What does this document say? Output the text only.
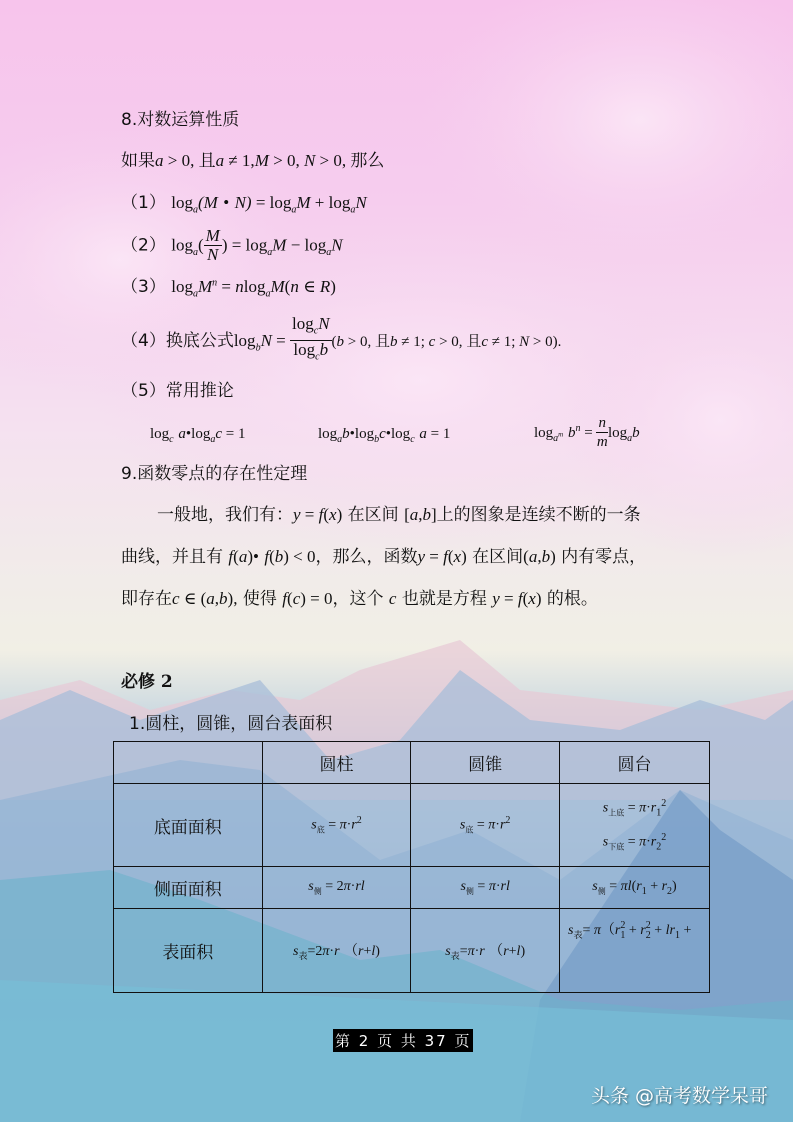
8.对数运算性质
如果a > 0, 且a ≠ 1,M > 0, N > 0, 那么
（1） $\log_a(M$ • $N) = \log_aM + \log_aN$
（2） $\log_a( \frac{M}{N}$ ) = $\log_aM - \log_aN$
（3） $\log_aM^n = nlog_aM(n$ ∈ R)
（4）换底公式$\log_bN = \frac{\log_cN}{\log_cb} (b > 0$, 且b ≠ 1; c > 0, 且c ≠ 1; N > 0).
（5）常用推论
$\log_c$ $a•\log_ac = 1$	$\log_ab•\log_bc•\log_c$ a = 1	$\log_{a^m} b^n = \frac{n}{m} \log_ab$
9.函数零点的存在性定理
一般地，我们有：y = f(x) 在区间 [a,b]上的图象是连续不断的一条
曲线，并且有 f(a)• f(b) < 0，那么，函数y = f(x) 在区间(a,b) 内有零点，
即存在c ∈ (a,b), 使得 f(c) = 0，这个 c 也就是方程 y = f(x) 的根。
必修 2
1.圆柱，圆锥，圆台表面积
	圆柱	圆锥	圆台
底面面积	$s_底 = \pi\cdot r^2$	$s_底 = \pi\cdot r^2$	$s_{上底} = \pi\cdot r_1^2$
$s_{下底} = \pi\cdot r_2^2$

侧面面积	$s_侧 = 2\pi\cdot rl$	$s_侧 = \pi\cdot rl$	$s_侧 = \pi l(r_1 + r_2)$
表面积	$s_表=2\pi\cdot r$ （r+l)	$s_表=\pi\cdot r$ （r+l)	$s_表= \pi(r_1^2 + r_2^2 + lr_1$ +
第 2 页 共 37 页
头条 @高考数学呆哥
